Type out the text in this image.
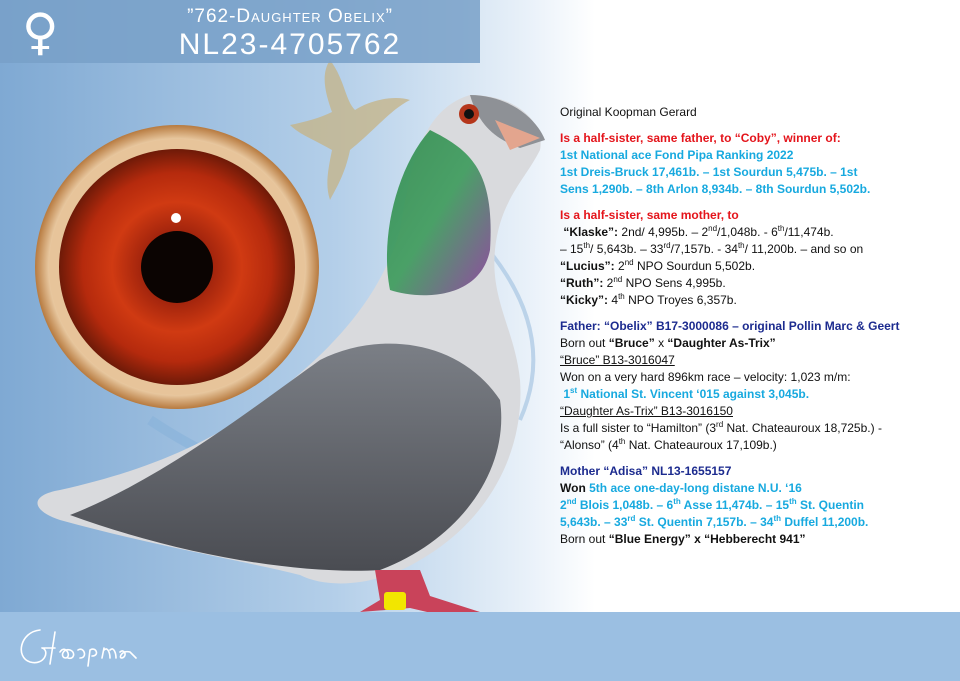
♀	”762-Daughter Obelix”
NL23-4705762

Original Koopman Gerard

Is a half-sister, same father, to “Coby”, winner of:

1st National ace Fond Pipa Ranking 2022

1st Dreis-Bruck 17,461b. – 1st Sourdun 5,475b. – 1st

Sens 1,290b. – 8th Arlon 8,934b. – 8th Sourdun 5,502b.

Is a half-sister, same mother, to

“Klaske”: 2nd/ 4,995b. – 2nd/1,048b. - 6th/11,474b.

– 15th/ 5,643b. – 33rd/7,157b. - 34th/ 11,200b. – and so on

“Lucius”: 2nd NPO Sourdun 5,502b.

“Ruth”: 2nd NPO Sens 4,995b.

“Kicky”: 4th NPO Troyes 6,357b.

Father: “Obelix” B17-3000086 – original Pollin Marc & Geert

Born out “Bruce” x “Daughter As-Trix”

“Bruce” B13-3016047

Won on a very hard 896km race – velocity: 1,023 m/m:

1st National St. Vincent ‘015 against 3,045b.

“Daughter As-Trix” B13-3016150

Is a full sister to “Hamilton” (3rd Nat. Chateauroux 18,725b.) -

“Alonso” (4th Nat. Chateauroux 17,109b.)

Mother “Adisa” NL13-1655157

Won 5th ace one-day-long distane N.U. ‘16

2nd Blois 1,048b. – 6th Asse 11,474b. – 15th St. Quentin

5,643b. – 33rd St. Quentin 7,157b. – 34th Duffel 11,200b.

Born out “Blue Energy” x “Hebberecht 941”
